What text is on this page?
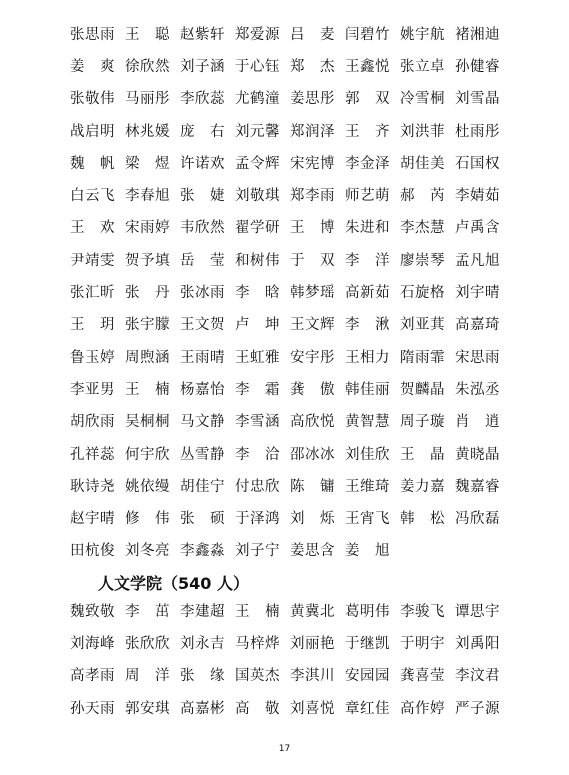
张思雨 王　聪 赵紫轩 郑爱源 吕　麦 闫碧竹 姚宇航 褚湘迪
姜　爽 徐欣然 刘子涵 于心钰 郑　杰 王鑫悦 张立卓 孙健睿
张敬伟 马丽彤 李欣蕊 尤鹤潼 姜思彤 郭　双 冷雪桐 刘雪晶
战启明 林兆媛 庞　右 刘元馨 郑润泽 王　齐 刘洪菲 杜雨彤
魏　帆 梁　煜 许诺欢 孟令辉 宋宪博 李金泽 胡佳美 石国权
白云飞 李春旭 张　婕 刘敬琪 郑李雨 师艺萌 郝　芮 李婧茹
王　欢 宋雨婷 韦欣然 翟学研 王　博 朱进和 李杰慧 卢禹含
尹靖雯 贺予填 岳　莹 和树伟 于　双 李　洋 廖崇琴 孟凡旭
张汇昕 张　丹 张冰雨 李　晗 韩梦瑶 高新茹 石旋格 刘宇晴
王　玥 张宇朦 王文贺 卢　坤 王文辉 李　湫 刘亚萁 高嘉琦
鲁玉婷 周煦涵 王雨晴 王虹雅 安宇彤 王相力 隋雨霏 宋思雨
李亚男 王　楠 杨嘉怡 李　霜 龚　傲 韩佳丽 贺麟晶 朱泓丞
胡欣雨 吴桐桐 马文静 李雪涵 高欣悦 黄智慧 周子璇 肖　逍
孔祥蕊 何宇欣 丛雪静 李　洽 邵冰冰 刘佳欣 王　晶 黄晓晶
耿诗尧 姚依缦 胡佳宁 付忠欣 陈　镛 王维琦 姜力嘉 魏嘉睿
赵宇晴 修　伟 张　硕 于泽鸿 刘　烁 王宵飞 韩　松 冯欣磊
田杭俊 刘冬亮 李鑫淼 刘子宁 姜思含 姜　旭
人文学院（540 人）
魏致敬 李　茁 李建超 王　楠 黄冀北 葛明伟 李骏飞 谭思宇
刘海峰 张欣欣 刘永吉 马梓烨 刘丽艳 于继凯 于明宇 刘禹阳
高孝雨 周　洋 张　缘 国英杰 李淇川 安园园 龚喜莹 李汶君
孙天雨 郭安琪 高嘉彬 高　敬 刘喜悦 章红佳 高作婷 严子源
17
